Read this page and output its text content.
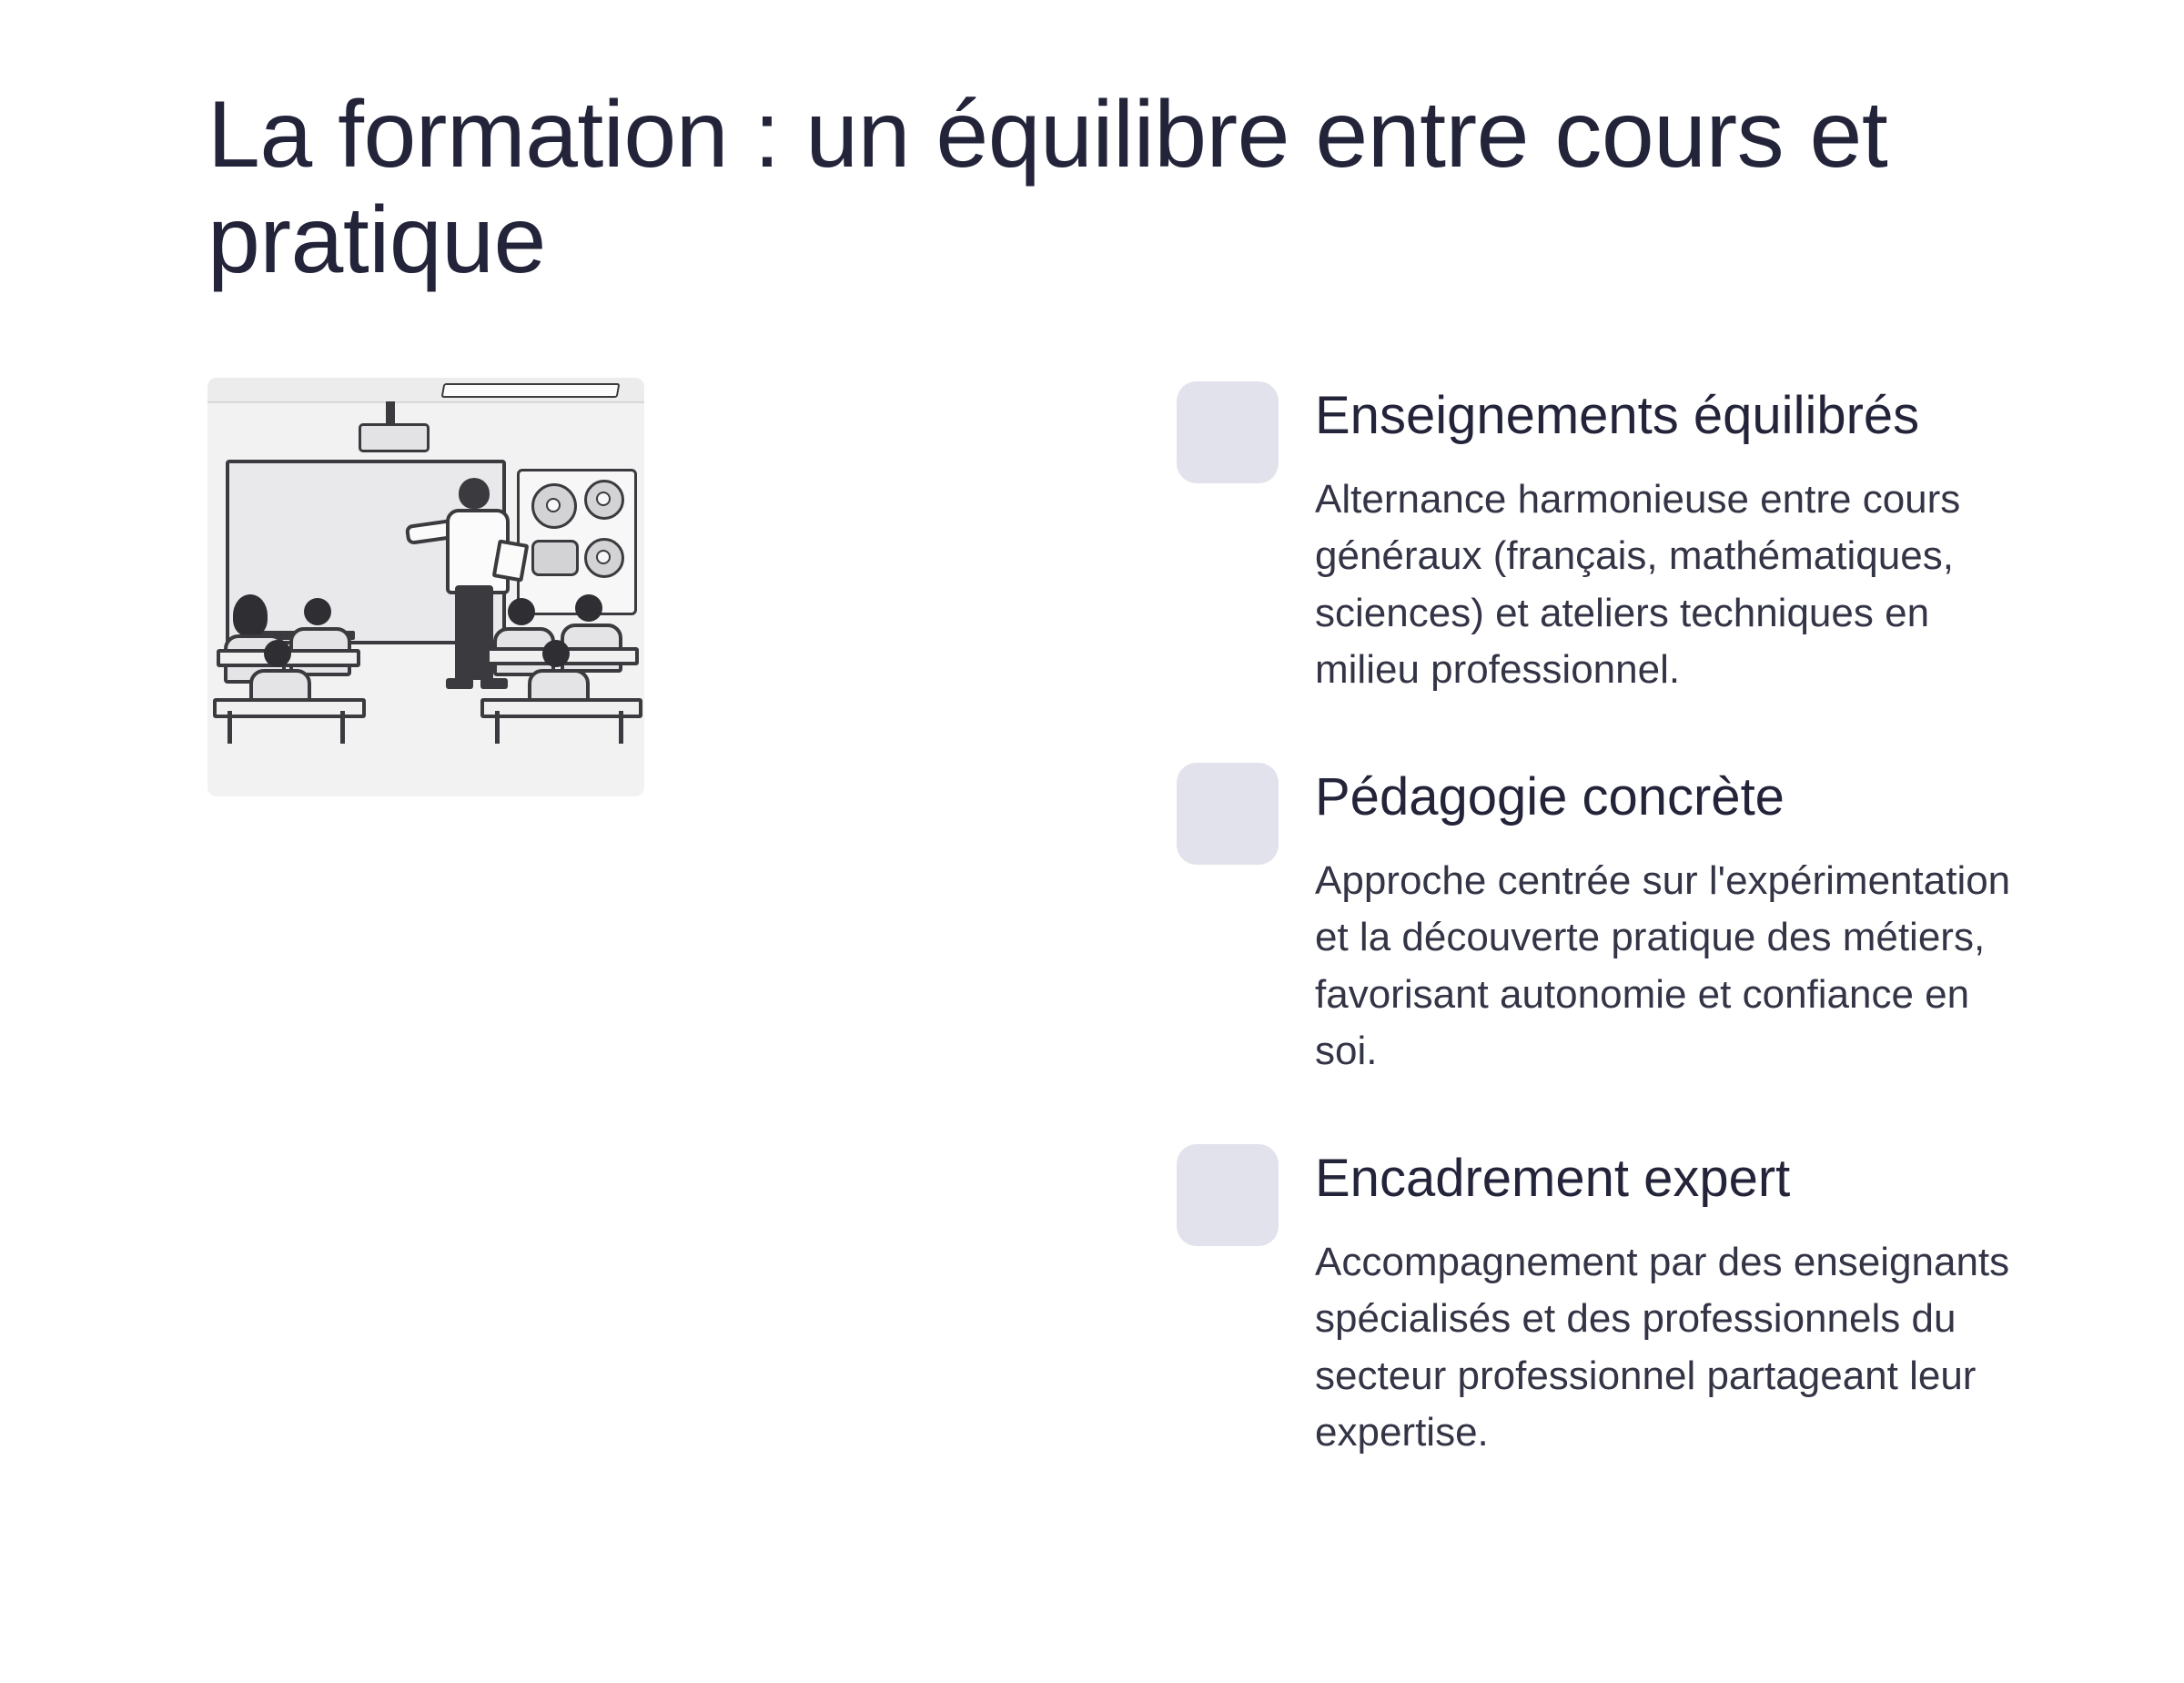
La formation : un équilibre entre cours et pratique
Enseignements équilibrés

Alternance harmonieuse entre cours généraux (français, mathématiques, sciences) et ateliers techniques en milieu professionnel.

Pédagogie concrète

Approche centrée sur l'expérimentation et la découverte pratique des métiers, favorisant autonomie et confiance en soi.

Encadrement expert

Accompagnement par des enseignants spécialisés et des professionnels du secteur professionnel partageant leur expertise.
